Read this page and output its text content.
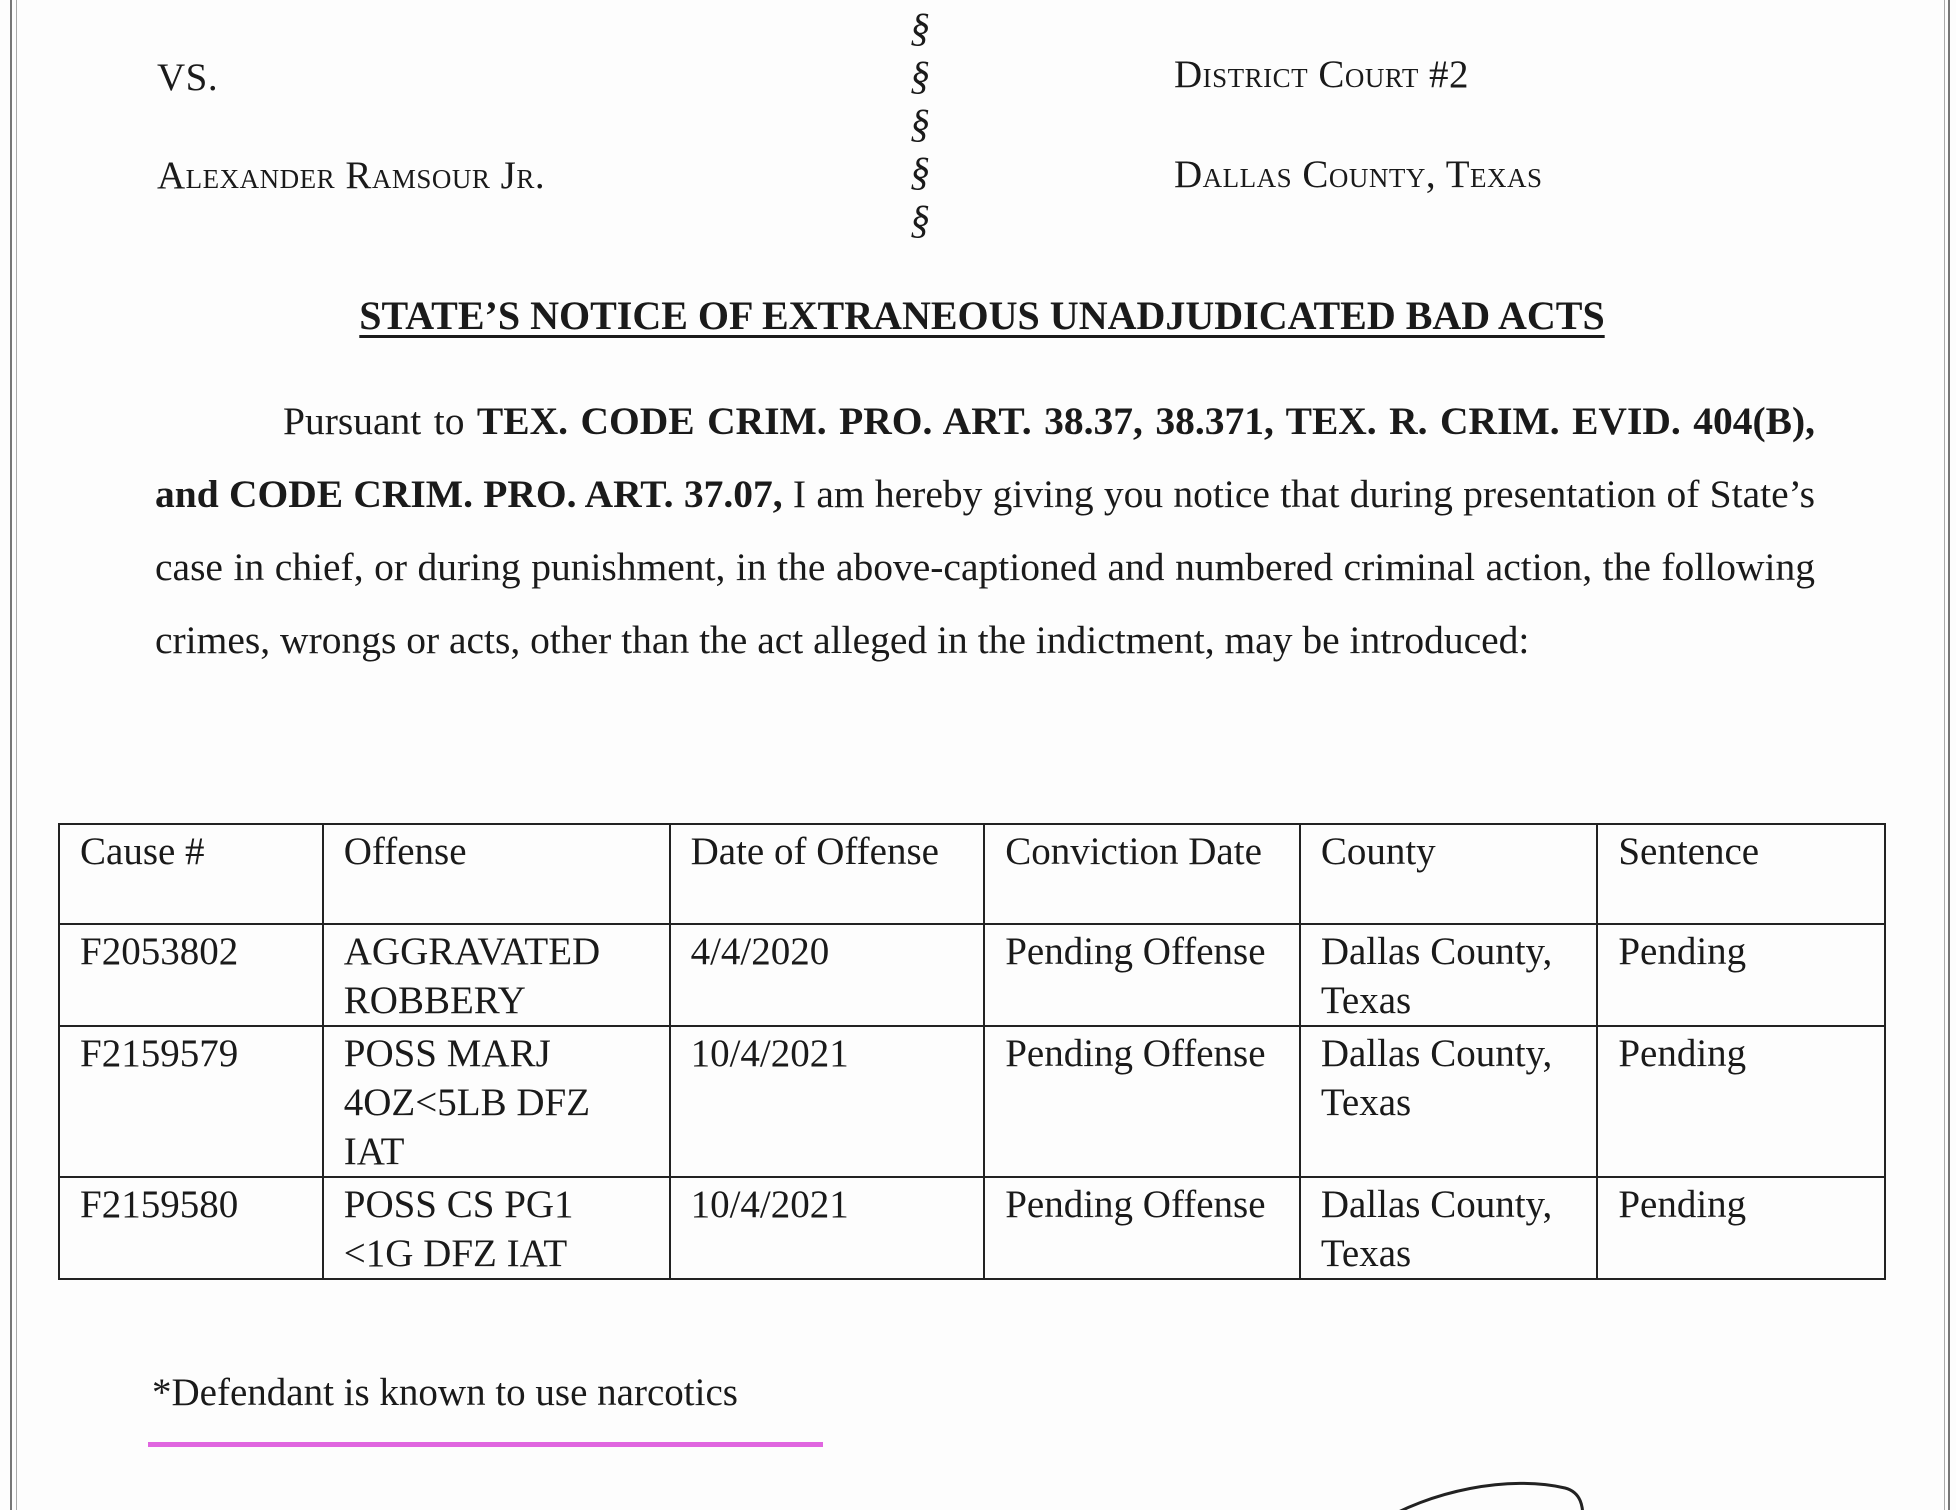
VS.
Alexander Ramsour Jr.
§
§
§
§
§
District Court #2
Dallas County, Texas
STATE’S NOTICE OF EXTRANEOUS UNADJUDICATED BAD ACTS
Pursuant to TEX. CODE CRIM. PRO. ART. 38.37, 38.371, TEX. R. CRIM. EVID. 404(B), and CODE CRIM. PRO. ART. 37.07, I am hereby giving you notice that during presentation of State’s case in chief, or during punishment, in the above-captioned and numbered criminal action, the following crimes, wrongs or acts, other than the act alleged in the indictment, may be introduced:
Cause #	Offense	Date of Offense	Conviction Date	County	Sentence
F2053802	AGGRAVATED ROBBERY	4/4/2020	Pending Offense	Dallas County, Texas	Pending
F2159579	POSS MARJ 4OZ<5LB DFZ IAT	10/4/2021	Pending Offense	Dallas County, Texas	Pending
F2159580	POSS CS PG1 <1G DFZ IAT	10/4/2021	Pending Offense	Dallas County, Texas	Pending
*Defendant is known to use narcotics
